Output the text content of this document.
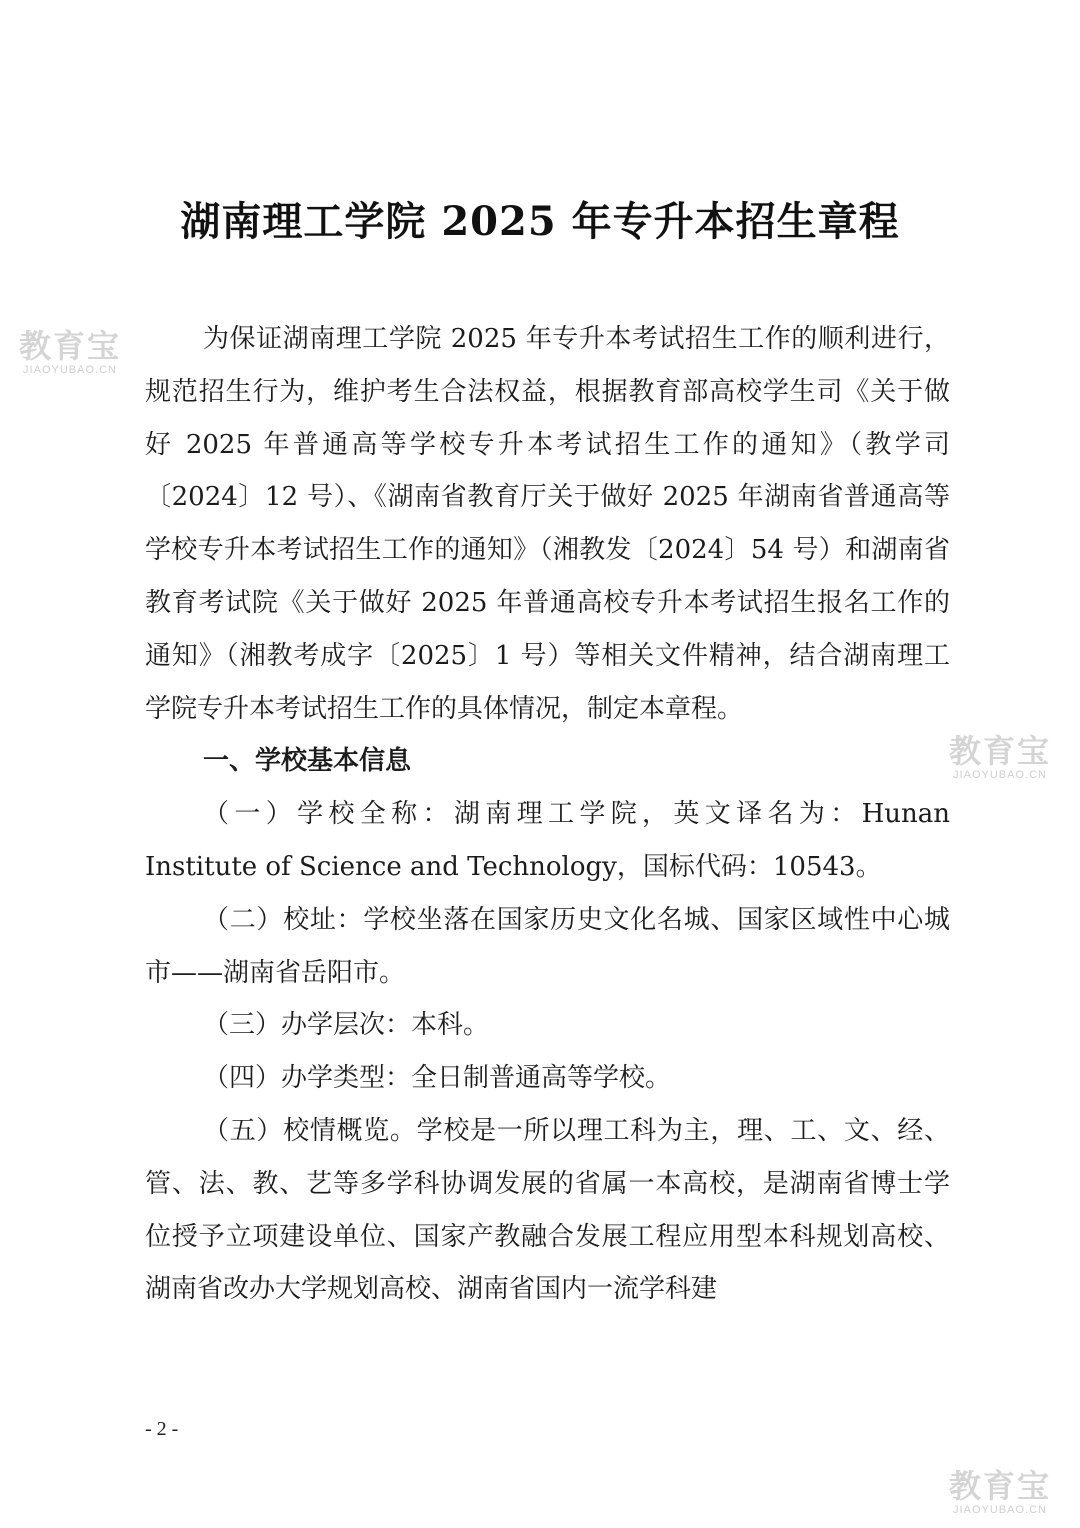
湖南理工学院 2025 年专升本招生章程

为保证湖南理工学院 2025 年专升本考试招生工作的顺利进行，规范招生行为，维护考生合法权益，根据教育部高校学生司《关于做好 2025 年普通高等学校专升本考试招生工作的通知》（教学司〔2024〕12 号）、《湖南省教育厅关于做好 2025 年湖南省普通高等学校专升本考试招生工作的通知》（湘教发〔2024〕54 号）和湖南省教育考试院《关于做好 2025 年普通高校专升本考试招生报名工作的通知》（湘教考成字〔2025〕1 号）等相关文件精神，结合湖南理工学院专升本考试招生工作的具体情况，制定本章程。

一、学校基本信息

（一）学校全称：湖南理工学院，英文译名为：Hunan Institute of Science and Technology，国标代码：10543。

（二）校址：学校坐落在国家历史文化名城、国家区域性中心城市——湖南省岳阳市。

（三）办学层次：本科。

（四）办学类型：全日制普通高等学校。

（五）校情概览。学校是一所以理工科为主，理、工、文、经、管、法、教、艺等多学科协调发展的省属一本高校，是湖南省博士学位授予立项建设单位、国家产教融合发展工程应用型本科规划高校、湖南省改办大学规划高校、湖南省国内一流学科建

- 2 -
教育宝
JIAOYUBAO.CN
教育宝
JIAOYUBAO.CN
教育宝
JIAOYUBAO.CN
